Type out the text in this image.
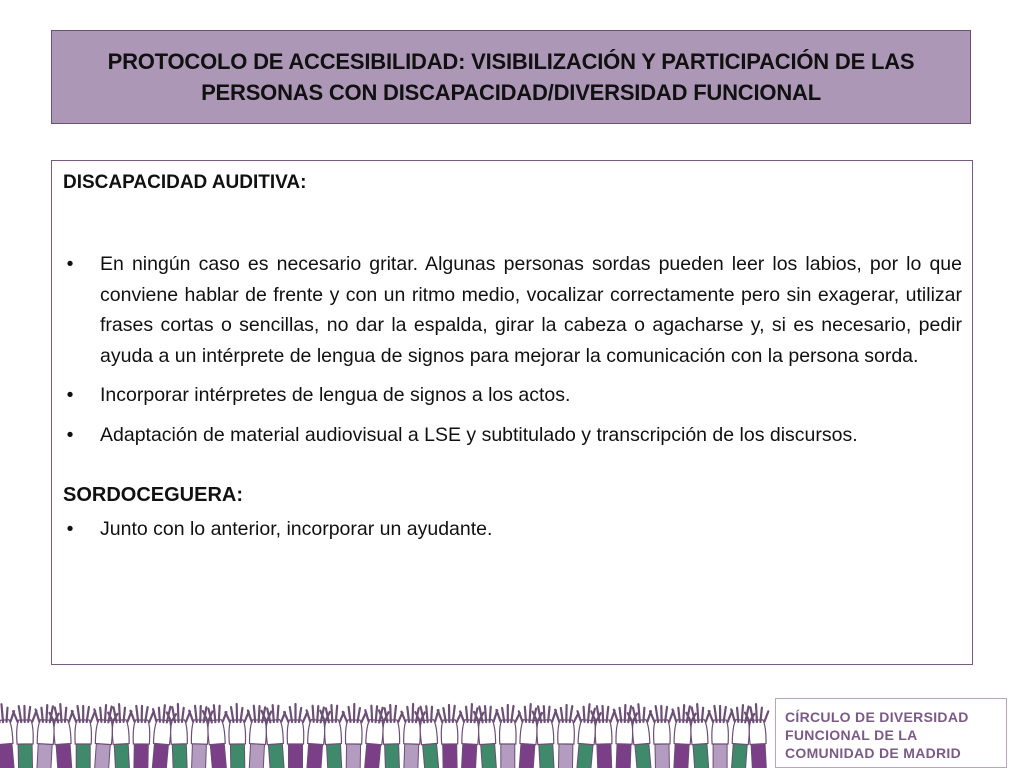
PROTOCOLO DE ACCESIBILIDAD: VISIBILIZACIÓN Y PARTICIPACIÓN DE LAS PERSONAS CON DISCAPACIDAD/DIVERSIDAD FUNCIONAL

DISCAPACIDAD AUDITIVA:

• En ningún caso es necesario gritar. Algunas personas sordas pueden leer los labios, por lo que conviene hablar de frente y con un ritmo medio, vocalizar correctamente pero sin exagerar, utilizar frases cortas o sencillas, no dar la espalda, girar la cabeza o agacharse y, si es necesario, pedir ayuda a un intérprete de lengua de signos para mejorar la comunicación con la persona sorda.
• Incorporar intérpretes de lengua de signos a los actos.
• Adaptación de material audiovisual a LSE y subtitulado y transcripción de los discursos.

SORDOCEGUERA:

• Junto con lo anterior, incorporar un ayudante.
CÍRCULO DE DIVERSIDAD
FUNCIONAL DE LA
COMUNIDAD DE MADRID
